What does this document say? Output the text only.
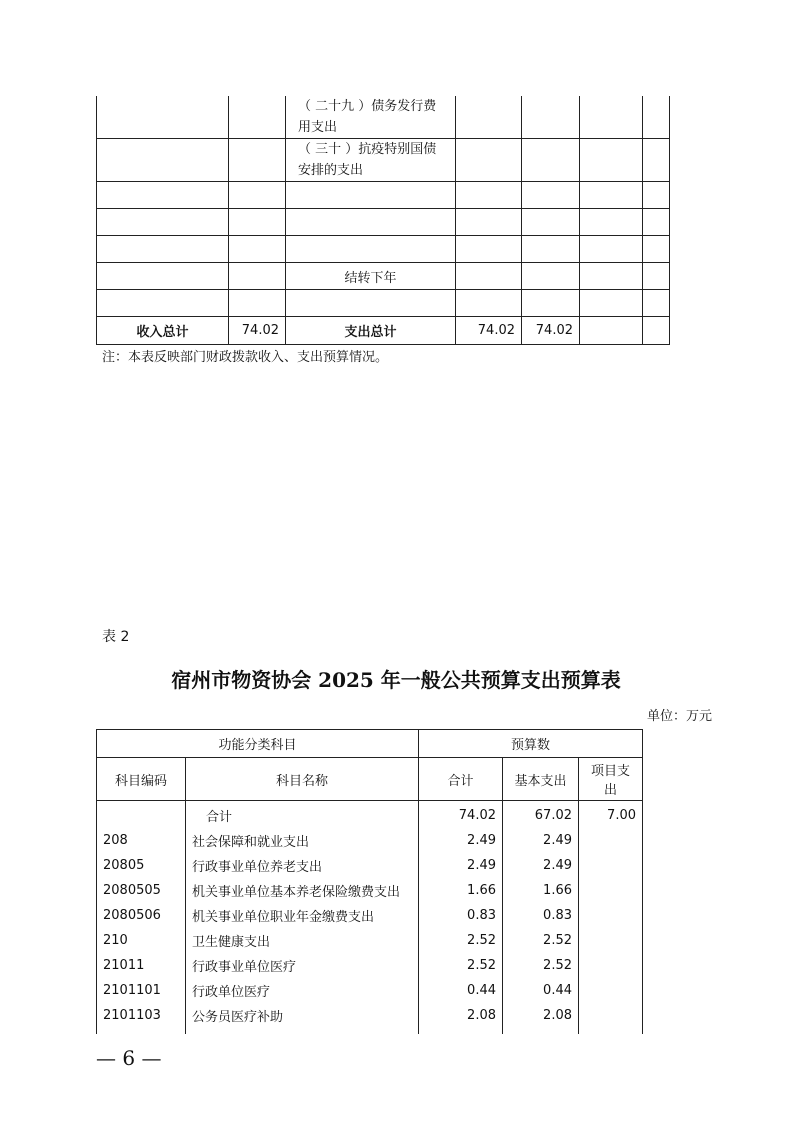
		（ 二十九 ）债务发行费用支出				
		（ 三十 ）抗疫特别国债安排的支出				

		结转下年				

收入总计	74.02	支出总计	74.02	74.02		
注：本表反映部门财政拨款收入、支出预算情况。
表 2
宿州市物资协会 2025 年一般公共预算支出预算表
单位：万元
功能分类科目		预算数		
科目编码	科目名称	合计	基本支出	项目支出
	合计	74.02	67.02	7.00
208	社会保障和就业支出	2.49	2.49	
20805	行政事业单位养老支出	2.49	2.49	
2080505	机关事业单位基本养老保险缴费支出	1.66	1.66	
2080506	机关事业单位职业年金缴费支出	0.83	0.83	
210	卫生健康支出	2.52	2.52	
21011	行政事业单位医疗	2.52	2.52	
2101101	行政单位医疗	0.44	0.44	
2101103	公务员医疗补助	2.08	2.08	

— 6 —
